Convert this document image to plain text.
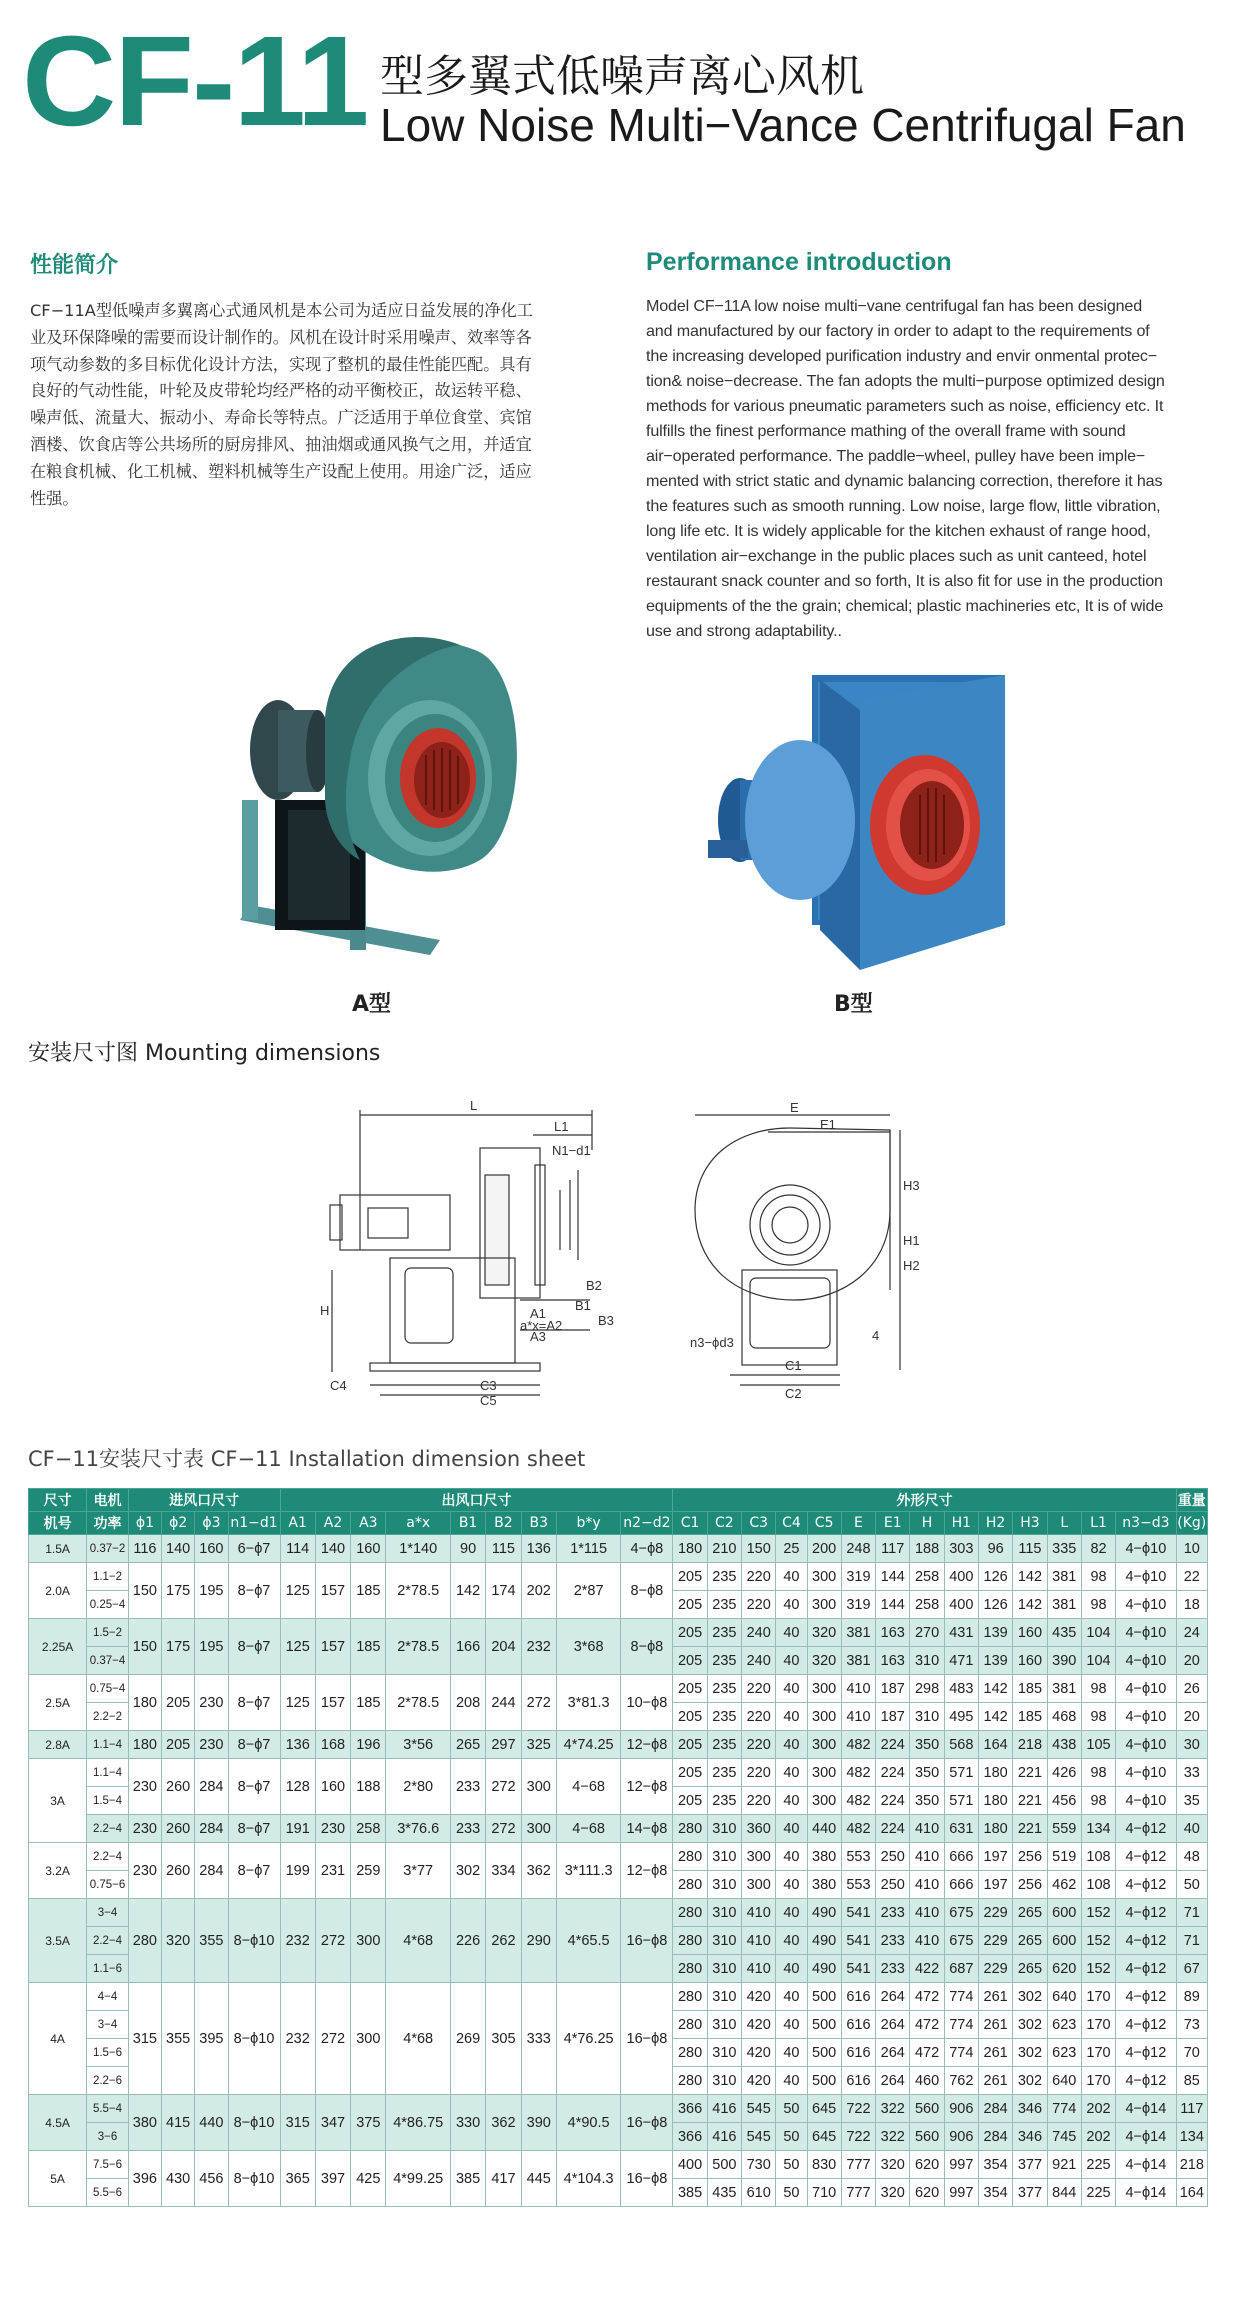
CF-11 型多翼式低噪声离心风机
Low Noise Multi−Vance Centrifugal Fan
性能简介	Performance introduction
CF−11A型低噪声多翼离心式通风机是本公司为适应日益发展的净化工
业及环保降噪的需要而设计制作的。风机在设计时采用噪声、效率等各
项气动参数的多目标优化设计方法，实现了整机的最佳性能匹配。具有
良好的气动性能，叶轮及皮带轮均经严格的动平衡校正，故运转平稳、
噪声低、流量大、振动小、寿命长等特点。广泛适用于单位食堂、宾馆
酒楼、饮食店等公共场所的厨房排风、抽油烟或通风换气之用，并适宜
在粮食机械、化工机械、塑料机械等生产设配上使用。用途广泛，适应
性强。
Model CF−11A low noise multi−vane centrifugal fan has been designed
and manufactured by our factory in order to adapt to the requirements of
the increasing developed purification industry and envir onmental protec−
tion& noise−decrease. The fan adopts the multi−purpose optimized design
methods for various pneumatic parameters such as noise, efficiency etc. It
fulfills the finest performance mathing of the overall frame with sound
air−operated performance. The paddle−wheel, pulley have been imple−
mented with strict static and dynamic balancing correction, therefore it has
the features such as smooth running. Low noise, large flow, little vibration,
long life etc. It is widely applicable for the kitchen exhaust of range hood,
ventilation air−exchange in the public places such as unit canteed, hotel
restaurant snack counter and so forth, It is also fit for use in the production
equipments of the the grain; chemical; plastic machineries etc, It is of wide
use and strong adaptability..
A型	B型
安装尺寸图 Mounting dimensions
L
L1
N1−d1
H	A1
a*x=A2
A3
B1
B2
B3
C4	C3
C5
E
E1
H1
H2
H3
n3−ϕd3
C1
C2
4
CF−11安装尺寸表 CF−11 Installation dimension sheet
尺寸	电机	进风口尺寸				出风口尺寸									外形尺寸														重量
机号	功率	ϕ1	ϕ2	ϕ3	n1−d1	A1	A2	A3	a*x	B1	B2	B3	b*y	n2−d2	C1	C2	C3	C4	C5	E	E1	H	H1	H2	H3	L	L1	n3−d3	(Kg)
1.5A	0.37−2	116	140	160	6−ϕ7	114	140	160	1*140	90	115	136	1*115	4−ϕ8	180	210	150	25	200	248	117	188	303	96	115	335	82	4−ϕ10	10
2.0A	1.1−2	150	175	195	8−ϕ7	125	157	185	2*78.5	142	174	202	2*87	8−ϕ8	205	235	220	40	300	319	144	258	400	126	142	381	98	4−ϕ10	22
	0.25−4														205	235	220	40	300	319	144	258	400	126	142	381	98	4−ϕ10	18
2.25A	1.5−2	150	175	195	8−ϕ7	125	157	185	2*78.5	166	204	232	3*68	8−ϕ8	205	235	240	40	320	381	163	270	431	139	160	435	104	4−ϕ10	24
	0.37−4														205	235	240	40	320	381	163	310	471	139	160	390	104	4−ϕ10	20
2.5A	0.75−4	180	205	230	8−ϕ7	125	157	185	2*78.5	208	244	272	3*81.3	10−ϕ8	205	235	220	40	300	410	187	298	483	142	185	381	98	4−ϕ10	26
	2.2−2														205	235	220	40	300	410	187	310	495	142	185	468	98	4−ϕ10	20
2.8A	1.1−4	180	205	230	8−ϕ7	136	168	196	3*56	265	297	325	4*74.25	12−ϕ8	205	235	220	40	300	482	224	350	568	164	218	438	105	4−ϕ10	30
3A	1.1−4	230	260	284	8−ϕ7	128	160	188	2*80	233	272	300	4−68	12−ϕ8	205	235	220	40	300	482	224	350	571	180	221	426	98	4−ϕ10	33
	1.5−4														205	235	220	40	300	482	224	350	571	180	221	456	98	4−ϕ10	35
	2.2−4	230	260	284	8−ϕ7	191	230	258	3*76.6	233	272	300	4−68	14−ϕ8	280	310	360	40	440	482	224	410	631	180	221	559	134	4−ϕ12	40
3.2A	2.2−4	230	260	284	8−ϕ7	199	231	259	3*77	302	334	362	3*111.3	12−ϕ8	280	310	300	40	380	553	250	410	666	197	256	519	108	4−ϕ12	48
	0.75−6														280	310	300	40	380	553	250	410	666	197	256	462	108	4−ϕ12	50
3.5A	3−4	280	320	355	8−ϕ10	232	272	300	4*68	226	262	290	4*65.5	16−ϕ8	280	310	410	40	490	541	233	410	675	229	265	600	152	4−ϕ12	71
	2.2−4														280	310	410	40	490	541	233	410	675	229	265	600	152	4−ϕ12	71
	1.1−6														280	310	410	40	490	541	233	422	687	229	265	620	152	4−ϕ12	67
4A	4−4	315	355	395	8−ϕ10	232	272	300	4*68	269	305	333	4*76.25	16−ϕ8	280	310	420	40	500	616	264	472	774	261	302	640	170	4−ϕ12	89
	3−4														280	310	420	40	500	616	264	472	774	261	302	623	170	4−ϕ12	73
	1.5−6														280	310	420	40	500	616	264	472	774	261	302	623	170	4−ϕ12	70
	2.2−6														280	310	420	40	500	616	264	460	762	261	302	640	170	4−ϕ12	85
4.5A	5.5−4	380	415	440	8−ϕ10	315	347	375	4*86.75	330	362	390	4*90.5	16−ϕ8	366	416	545	50	645	722	322	560	906	284	346	774	202	4−ϕ14	117
	3−6														366	416	545	50	645	722	322	560	906	284	346	745	202	4−ϕ14	134
5A	7.5−6	396	430	456	8−ϕ10	365	397	425	4*99.25	385	417	445	4*104.3	16−ϕ8	400	500	730	50	830	777	320	620	997	354	377	921	225	4−ϕ14	218
	5.5−6														385	435	610	50	710	777	320	620	997	354	377	844	225	4−ϕ14	164
